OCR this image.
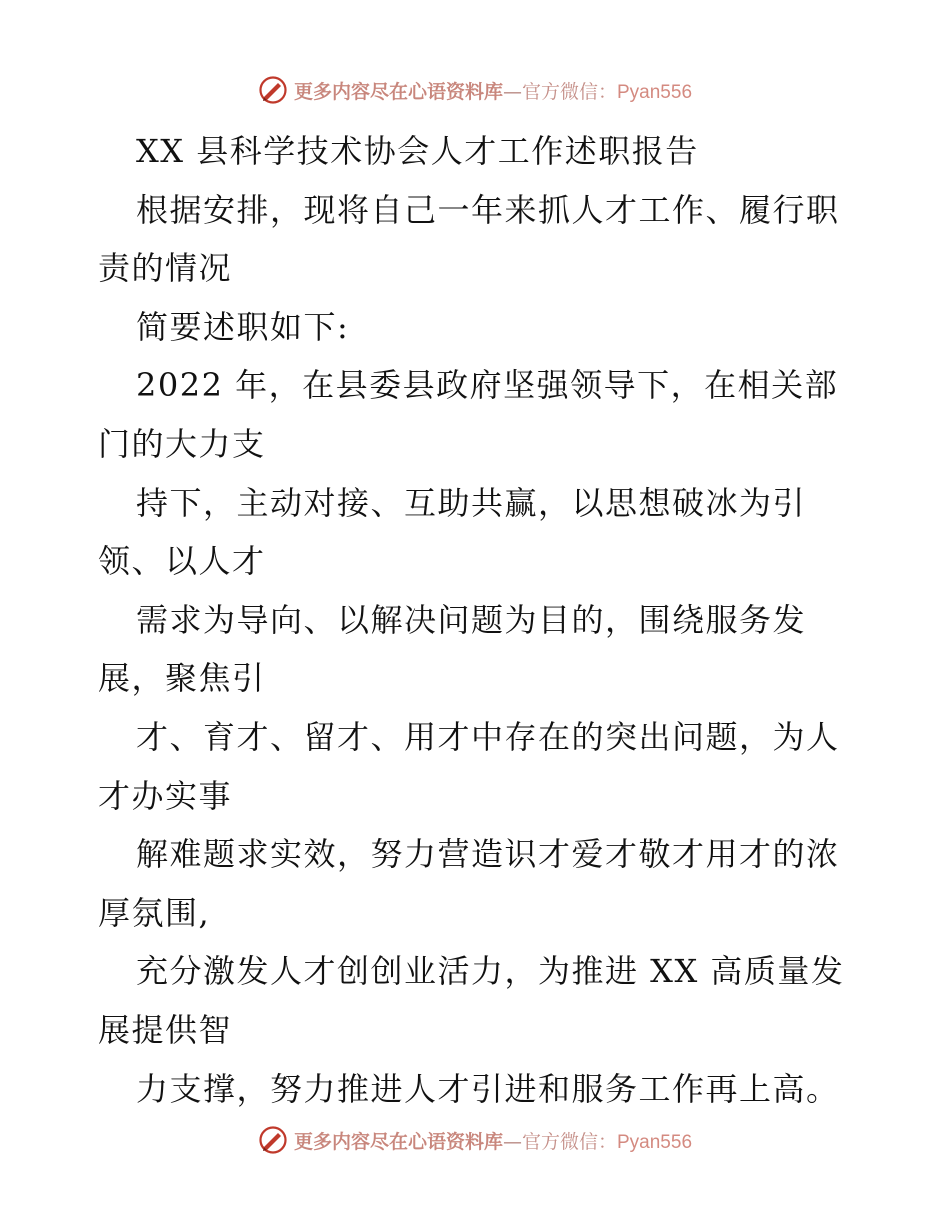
更多内容尽在心语资料库—官方微信：Pyan556
XX 县科学技术协会人才工作述职报告
根据安排，现将自己一年来抓人才工作、履行职
责的情况
简要述职如下:
2022 年，在县委县政府坚强领导下，在相关部
门的大力支
持下，主动对接、互助共赢，以思想破冰为引
领、以人才
需求为导向、以解决问题为目的，围绕服务发
展，聚焦引
才、育才、留才、用才中存在的突出问题，为人
才办实事
解难题求实效，努力营造识才爱才敬才用才的浓
厚氛围,
充分激发人才创创业活力，为推进 XX 高质量发
展提供智
力支撑，努力推进人才引进和服务工作再上高。
更多内容尽在心语资料库—官方微信：Pyan556
